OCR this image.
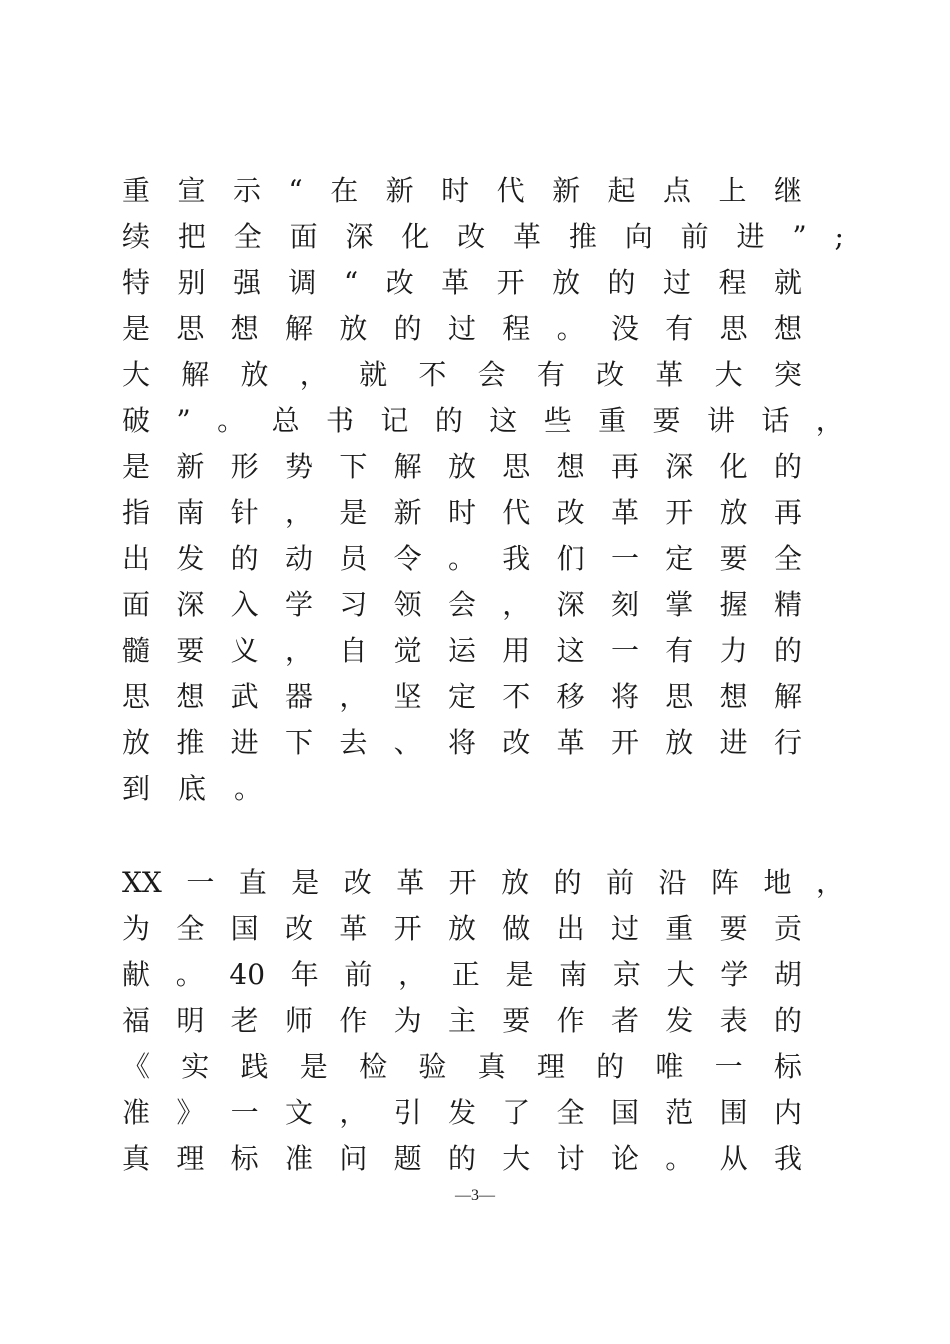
重 宣 示 “ 在 新 时 代 新 起 点 上 继
续 把 全 面 深 化 改 革 推 向 前 进 ” ;
特 别 强 调 “ 改 革 开 放 的 过 程 就
是 思 想 解 放 的 过 程 。 没 有 思 想
大 解 放 ， 就 不 会 有 改 革 大 突
破 ” 。 总 书 记 的 这 些 重 要 讲 话 ，
是 新 形 势 下 解 放 思 想 再 深 化 的
指 南 针 ， 是 新 时 代 改 革 开 放 再
出 发 的 动 员 令 。 我 们 一 定 要 全
面 深 入 学 习 领 会 ， 深 刻 掌 握 精
髓 要 义 ， 自 觉 运 用 这 一 有 力 的
思 想 武 器 ， 坚 定 不 移 将 思 想 解
放 推 进 下 去 、 将 改 革 开 放 进 行
到 底 。
XX 一 直 是 改 革 开 放 的 前 沿 阵 地 ，
为 全 国 改 革 开 放 做 出 过 重 要 贡
献 。 40 年 前 ， 正 是 南 京 大 学 胡
福 明 老 师 作 为 主 要 作 者 发 表 的
《 实 践 是 检 验 真 理 的 唯 一 标
准 》 一 文 ， 引 发 了 全 国 范 围 内
真 理 标 准 问 题 的 大 讨 论 。 从 我
—3—
